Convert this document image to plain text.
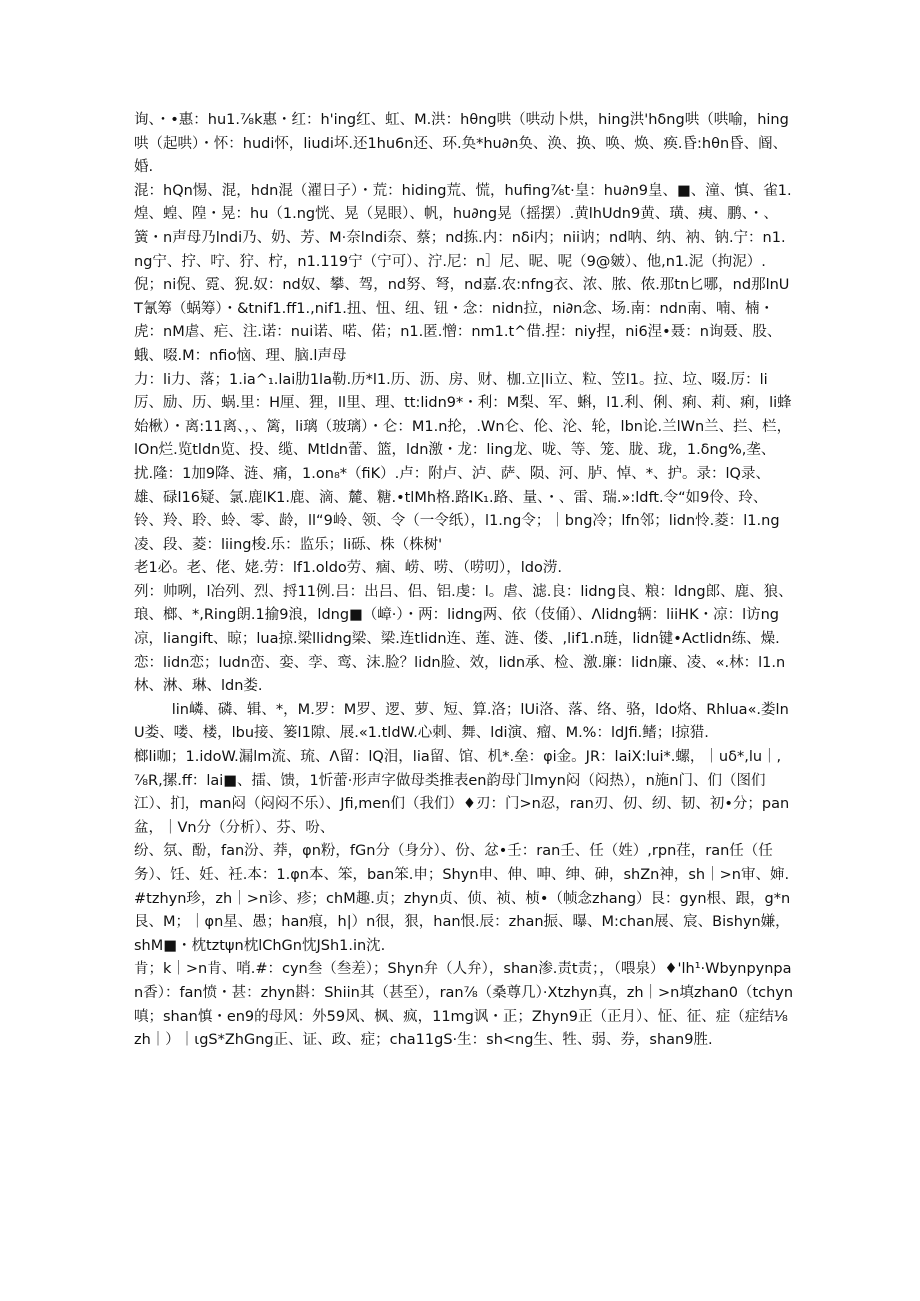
询、・•惠：hu1.⅞k惠・红：h'ing红、虹、M.洪：hθng哄（哄动卜烘，hing洪'hδng哄（哄喻，hing哄（起哄）・怀：hudi怀，liudi坏.还1hu6n还、环.奂*hu∂n奂、涣、换、唤、焕、痪.昏:hθn昏、阍、婚.

混：hQn惕、混，hdn混（濯日子）・荒：hiding荒、慌，hufing⅞t·皇：hu∂n9皇、■、潼、慎、雀1.煌、蝗、隍・晃：hu（1.ng恍、晃（晃眼）、帆，hu∂ng晃（摇摆）.黄lhUdn9黄、璜、痍、鹏、・、簧・n声母乃lndi乃、奶、芳、M·奈lndi奈、蔡；nd拣.内：nδi内；nii讷；nd呐、纳、衲、钠.宁：n1.ng宁、拧、咛、狞、柠，n1.119宁（宁可）、泞.尼：n］尼、昵、呢（9@皴）、他,n1.泥（拘泥）.倪；ni倪、霓、猊.奴：nd奴、攀、驾，nd努、弩，nd嘉.农:nfng衣、浓、脓、侬.那tn匕哪，nd那lnUT氰筹（蜗筹）・&tnif1.ff1.,nif1.扭、忸、纽、钮・念：nidn拉，ni∂n念、场.南：ndn南、喃、楠・虎：nM虐、疟、注.诺：nui诺、喏、偌；n1.匿.憎：nm1.t^借.捏：niy捏，ni6涅•聂：n询聂、股、蛾、啜.M：nfio恼、理、脑.l声母

力：li力、落；1.ia^₁.lai肋1la勒.历*l1.历、沥、房、财、枷.立|li立、粒、笠l1。拉、垃、啜.厉：li厉、励、历、蜗.里：H厘、狸，ll里、理、tt:lidn9*・利：M梨、军、蝌，l1.利、俐、痢、莉、痢，li蜂始楸）・离:11离、，、篱，li璃（玻璃）・仑：M1.n抡，.Wn仑、伦、沦、轮，lbn论.兰lWn兰、拦、栏，lOn烂.览tldn览、投、缆、Mtldn蕾、篮，ldn激・龙：ling龙、咙、等、笼、胧、珑，1.δng%,垄、扰.隆：1加9降、涟、痛，1.on₈*（fiK）.卢：附卢、泸、萨、陨、河、胪、悼、*、护。录：lQ录、雄、碌l16疑、氯.鹿lK1.鹿、滴、麓、糖.•tlMh格.路lK₁.路、量、・、雷、瑞.»:ldft.令“如9伶、玲、铃、羚、聆、蛉、零、龄，ll“9岭、领、令（一令纸），l1.ng令；｜bng冷；lfn邻；lidn怜.菱：l1.ng凌、段、菱：liing梭.乐：监乐；li砾、株（株树'

老1必。老、佬、姥.劳：lf1.oldo劳、痼、崂、唠、（唠叨），ldo涝.

列：帅咧，l冶列、烈、捋11例.吕：出吕、侣、铝.虔：l。虐、滤.良：lidng良、粮：ldng郎、鹿、狼、琅、榔、*,Ring朗.1揄9浪，ldng■（嶂·）・两：lidng两、依（伎俑）、Λlidng辆：liiHK・凉：l访ng凉，liangift、晾；lua掠.梁llidng梁、梁.连tlidn连、莲、涟、偻、,lif1.n琏，lidn键•Actlidn练、燥.恋：lidn恋；ludn峦、娈、孪、鸾、沫.脸？lidn脸、效，lidn承、检、激.廉：lidn廉、凌、«.林：l1.n林、淋、琳、ldn娄.

lin嶙、磷、辑、*，M.罗：M罗、逻、萝、短、算.洛；lUi洛、落、络、骆，ldo烙、Rhlua«.娄lnU娄、喽、楼，lbu接、篓l1隙、展.«1.tldW.心刺、舞、ldi演、瘤、M.%：ldJfi.鳍；l掠猎.

榔li咖；1.idoW.漏lm流、琉、Λ留：lQ泪，lia留、馆、机*.垒：φi金。JR：laiX:lui*.螺，｜uδ*,lu｜,⅞R,摞.ff：lai■、擂、馈，1忻蕾·形声字做母类推表en韵母门lmyn闷（闷热），n施n门、们（图们江）、扪，man闷（闷闷不乐）、Jfi,men们（我们）♦刃：门>n忍，ran刃、仞、纫、韧、初•分；pan盆，｜Vn分（分析）、芬、吩、

纷、氛、酚，fan汾、莽，φn粉，fGn分（身分）、份、忿•壬：ran壬、任（姓）,rpn荏，ran任（任务）、饪、妊、衽.本：1.φn本、笨，ban笨.申；Shyn申、伸、呻、绅、砷，shZn神，sh｜>n审、婶.#tzhyn珍，zh｜>n诊、疹；chM趣.贞；zhyn贞、侦、祯、桢•（帧念zhang）艮：gyn根、跟，g*n艮、M；｜φn星、愚；han痕，h|）n很，狠，han恨.辰：zhan振、曝、M:chan展、宸、Bishyn嫌，shM■・枕tztψn枕lChGn忱JSh1.in沈.

肯；k｜>n肯、哨.#：cyn叁（叁差）；Shyn弁（人弁），shan渗.责t责；，（喂泉）♦'lh¹·Wbynpynpan香）：fan愤・甚：zhyn斟：Shiin其（甚至），ran⅞（桑尊几）·Xtzhyn真，zh｜>n填zhan0（tchyn嗔；shan慎・en9的母风：外59风、枫、疯，11mg讽・正；Zhyn9正（正月）、怔、征、症（症结⅛zh｜）｜ιgS*ZhGng正、证、政、症；cha11gS·生：sh<ng生、牲、弱、券，shan9胜.
